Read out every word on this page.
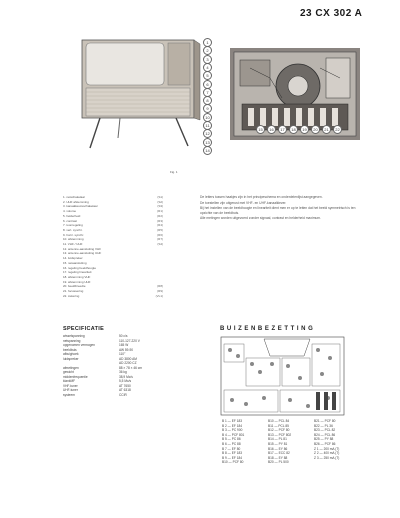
23 CX 302 A
Fig. 1
1
2
3
4
5
6
7
8
9
10
11
12
13
14
15	16	17	18	19	20	21	22
1. netschakelaar	(S1)
2. UHF afstemming	(S2)
3. kanaalkeuzeschakelaar	(S3)
4. volume	(R1)
5. helderheid	(R2)
6. contrast	(R3)
7. toonregeling	(R4)
8. vert. synchr.	(R5)
9. horiz. synchr.	(R6)
10. afstemming	(R7)
11. VHF / UHF	(S4)
12. antenne-aansluiting VHF
13. antenne-aansluiting UHF
14. luidspreker
15. netaansluiting
16. regeling beeldhoogte
17. regeling lineariteit
18. afstemming VHF
19. afstemming UHF
20. beeldbreedte	(R8)
21. focussering	(R9)
22. zekering	(VL1)

De letters tussen haakjes zijn in het principeschema en onderdelenlijst aangegeven.

De toestellen zijn uitgerust met VHF- en UHF-kanaalkiezer.

Bij het instellen van de beeldhoogte en lineariteit dient men er op te letten dat het beeld symmetrisch is ten opzichte van de beeldbuis.

Alle metingen worden uitgevoerd zonder signaal, contrast en helderheid maximum.

SPECIFICATIE
wisselspanning	50 c/s
netspanning	110-127-220 V
opgenomen vermogen	165 W
beeldbuis	AW 59-90
afbuighoek	110°
luidspreker	AD 3800 AM
AD 2200 CZ
afmetingen	88 × 78 × 46 cm
gewicht	36 kg
middenfrequentie	38,9 Mc/s
klankMF	5,5 Mc/s
VHF-tuner	AT 7650
UHF-tuner	AT 6318
systeem	CCIR
BUIZENBEZETTING
B 1 — EF 183	B10 — PCL 84	B21 — PCF 80
B 2 — EF 184	B11 — PCL 85	B22 — PL 36
B 3 — PC 900	B12 — PCF 80	B23 — PCL 82
B 4 — PCF 801	B13 — PCF 802	B24 — PCL 86
B 5 — PC 86	B14 — PL 81	B25 — PY 88
B 6 — PC 88	B15 — PY 81	B26 — PCF 86
B 7 — EF 80	B16 — EY 86	Z 1 — 200 mA (T)
B 8 — EF 183	B17 — ECC 82	Z 2 — 400 mA (T)
B 9 — EF 184	B18 — EY 88	Z 3 — 250 mA (T)
B10 — PCF 80	B20 — PL 500
